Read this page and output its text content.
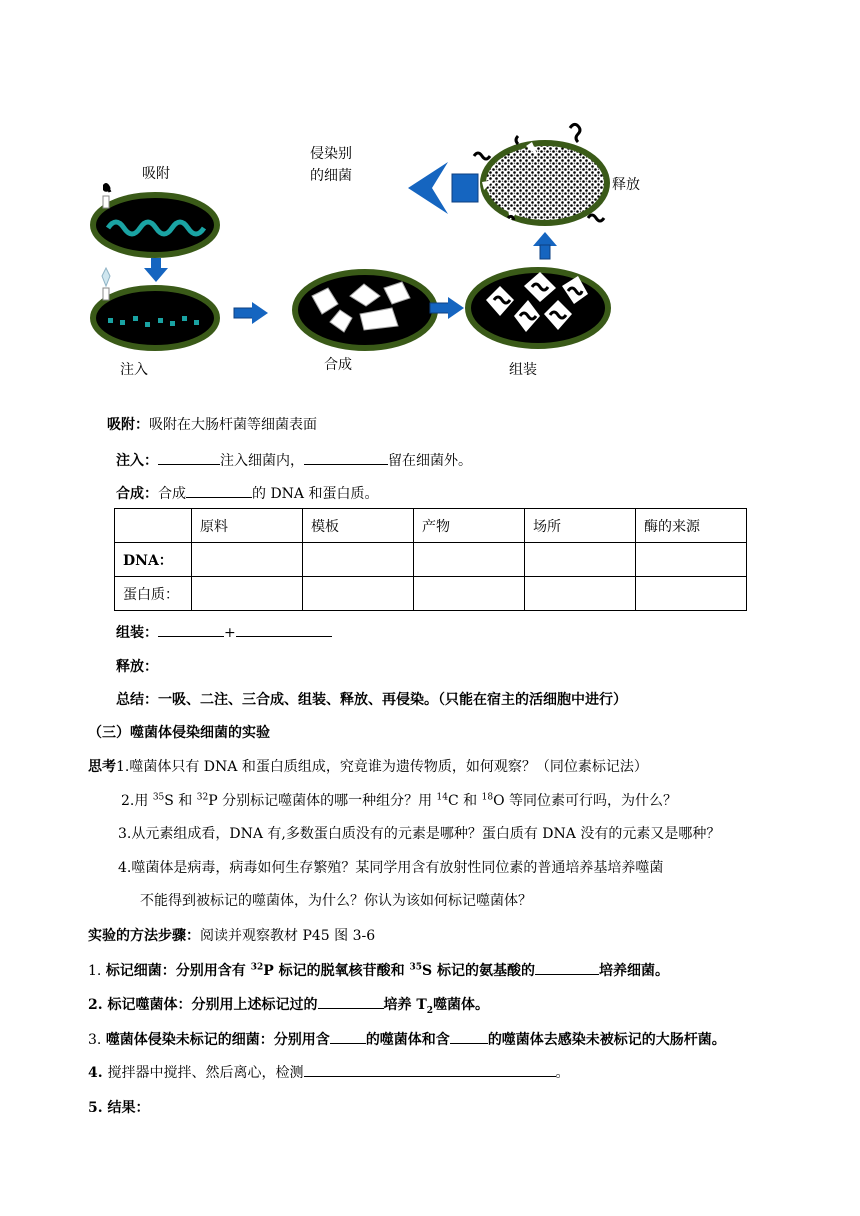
吸附
侵染别
的细菌
释放
注入	合成	组装
吸附：吸附在大肠杆菌等细菌表面
注入：	注入细菌内，	留在细菌外。
合成：合成	的 DNA 和蛋白质。
	原料	模板	产物	场所	酶的来源
DNA：					
蛋白质：					
组装：	+
释放：
总结：一吸、二注、三合成、组装、释放、再侵染。（只能在宿主的活细胞中进行）
（三）噬菌体侵染细菌的实验
思考1.噬菌体只有 DNA 和蛋白质组成，究竟谁为遗传物质，如何观察？（同位素标记法）
2.用 $^{35}$S 和 $^{32}$P 分别标记噬菌体的哪一种组分？用 $^{14}$C 和 $^{18}$O 等同位素可行吗，为什么？
3.从元素组成看，DNA 有,多数蛋白质没有的元素是哪种？蛋白质有 DNA 没有的元素又是哪种？
4.噬菌体是病毒，病毒如何生存繁殖？某同学用含有放射性同位素的普通培养基培养噬菌
不能得到被标记的噬菌体，为什么？你认为该如何标记噬菌体？
实验的方法步骤：阅读并观察教材 P45 图 3-6
1. 标记细菌：分别用含有 $^{32}$P 标记的脱氧核苷酸和 $^{35}$S 标记的氨基酸的	培养细菌。
2. 标记噬菌体：分别用上述标记过的	培养 $T_2$噬菌体。
3. 噬菌体侵染未标记的细菌：分别用含	的噬菌体和含	的噬菌体去感染未被标记的大肠杆菌。
4. 搅拌器中搅拌、然后离心，检测	。
5. 结果：
